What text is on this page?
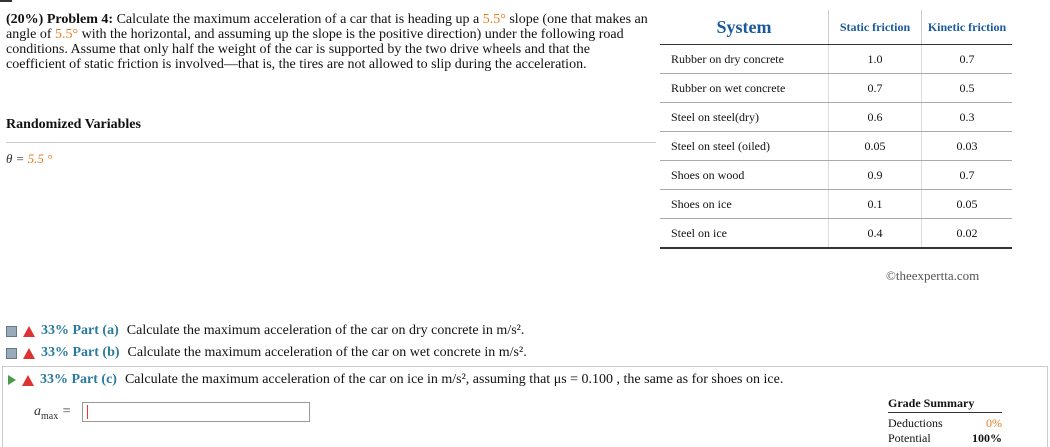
(20%) Problem 4: Calculate the maximum acceleration of a car that is heading up a 5.5° slope (one that makes an angle of 5.5° with the horizontal, and assuming up the slope is the positive direction) under the following road conditions. Assume that only half the weight of the car is supported by the two drive wheels and that the coefficient of static friction is involved—that is, the tires are not allowed to slip during the acceleration.
Randomized Variables
θ = 5.5 °
System	Static friction	Kinetic friction
Rubber on dry concrete	1.0	0.7
Rubber on wet concrete	0.7	0.5
Steel on steel(dry)	0.6	0.3
Steel on steel (oiled)	0.05	0.03
Shoes on wood	0.9	0.7
Shoes on ice	0.1	0.05
Steel on ice	0.4	0.02
©theexpertta.com
33% Part (a) Calculate the maximum acceleration of the car on dry concrete in m/s².
33% Part (b) Calculate the maximum acceleration of the car on wet concrete in m/s².
33% Part (c) Calculate the maximum acceleration of the car on ice in m/s², assuming that μs = 0.100 , the same as for shoes on ice.
$a_{max}$ =
Grade Summary
Deductions	0%
Potential	100%
